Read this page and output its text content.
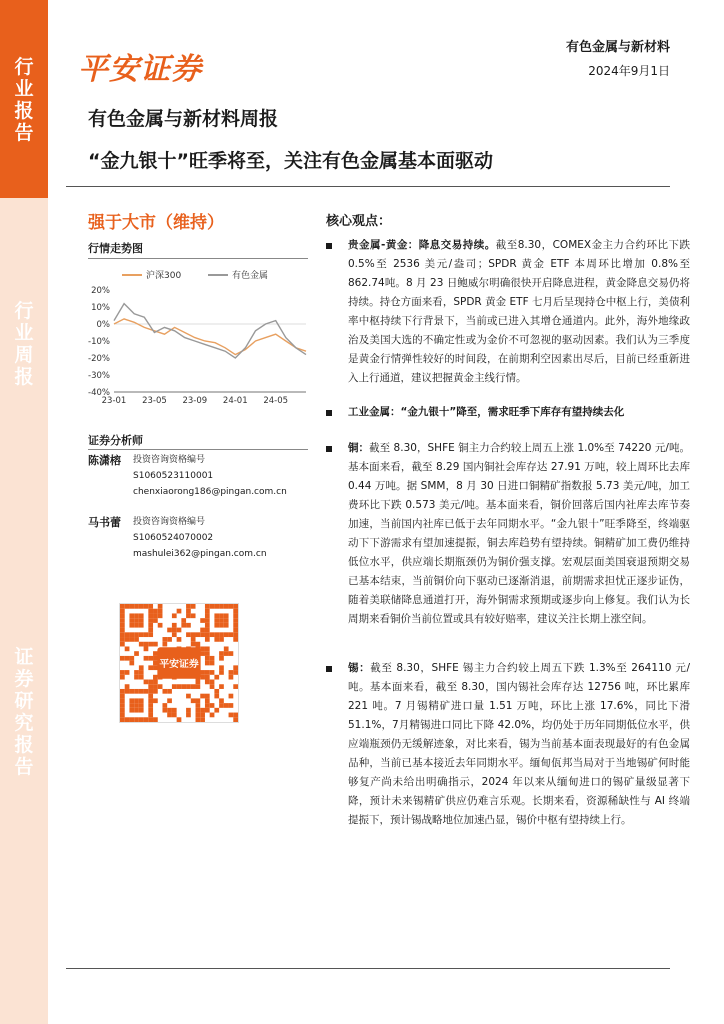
行
业
报
告
行
业
周
报
证
券
研
究
报
告
平安证券
有色金属与新材料
2024年9月1日
有色金属与新材料周报
“金九银十”旺季将至，关注有色金属基本面驱动
强于大市（维持）
行情走势图
20%
10%
0%
-10%
-20%
-30%
-40%
23-01 23-05 23-09 24-01 24-05
沪深300	有色金属
证券分析师
陈潇榕	投资咨询资格编号
S1060523110001
chenxiaorong186@pingan.com.cn
马书蕾	投资咨询资格编号
S1060524070002
mashulei362@pingan.com.cn
平安证券
核心观点：
贵金属-黄金：降息交易持续。截至8.30，COMEX金主力合约环比下跌 0.5%至 2536 美元/盎司；SPDR 黄金 ETF 本周环比增加 0.8%至 862.74吨。8 月 23 日鲍威尔明确很快开启降息进程，黄金降息交易仍将持续。持仓方面来看，SPDR 黄金 ETF 七月后呈现持仓中枢上行，美债利率中枢持续下行背景下，当前或已进入其增仓通道内。此外，海外地缘政治及美国大选的不确定性或为金价不可忽视的驱动因素。我们认为三季度是黄金行情弹性较好的时间段，在前期利空因素出尽后，目前已经重新进入上行通道，建议把握黄金主线行情。
工业金属：“金九银十”降至，需求旺季下库存有望持续去化
铜：截至 8.30，SHFE 铜主力合约较上周五上涨 1.0%至 74220 元/吨。基本面来看，截至 8.29 国内铜社会库存达 27.91 万吨，较上周环比去库 0.44 万吨。据 SMM，8 月 30 日进口铜精矿指数报 5.73 美元/吨，加工费环比下跌 0.573 美元/吨。基本面来看，铜价回落后国内社库去库节奏加速，当前国内社库已低于去年同期水平。“金九银十”旺季降至，终端驱动下下游需求有望加速提振，铜去库趋势有望持续。铜精矿加工费仍维持低位水平，供应端长期瓶颈仍为铜价强支撑。宏观层面美国衰退预期交易已基本结束，当前铜价向下驱动已逐渐消退，前期需求担忧正逐步证伪，随着美联储降息通道打开，海外铜需求预期或逐步向上修复。我们认为长周期来看铜价当前位置或具有较好赔率，建议关注长期上涨空间。
锡：截至 8.30，SHFE 锡主力合约较上周五下跌 1.3%至 264110 元/吨。基本面来看，截至 8.30，国内锡社会库存达 12756 吨，环比累库 221 吨。7 月锡精矿进口量 1.51 万吨，环比上涨 17.6%，同比下滑 51.1%，7月精锡进口同比下降 42.0%，均仍处于历年同期低位水平，供应端瓶颈仍无缓解迹象，对比来看，锡为当前基本面表现最好的有色金属品种，当前已基本接近去年同期水平。缅甸佤邦当局对于当地锡矿何时能够复产尚未给出明确指示，2024 年以来从缅甸进口的锡矿量级显著下降，预计未来锡精矿供应仍难言乐观。长期来看，资源稀缺性与 AI 终端提振下，预计锡战略地位加速凸显，锡价中枢有望持续上行。
